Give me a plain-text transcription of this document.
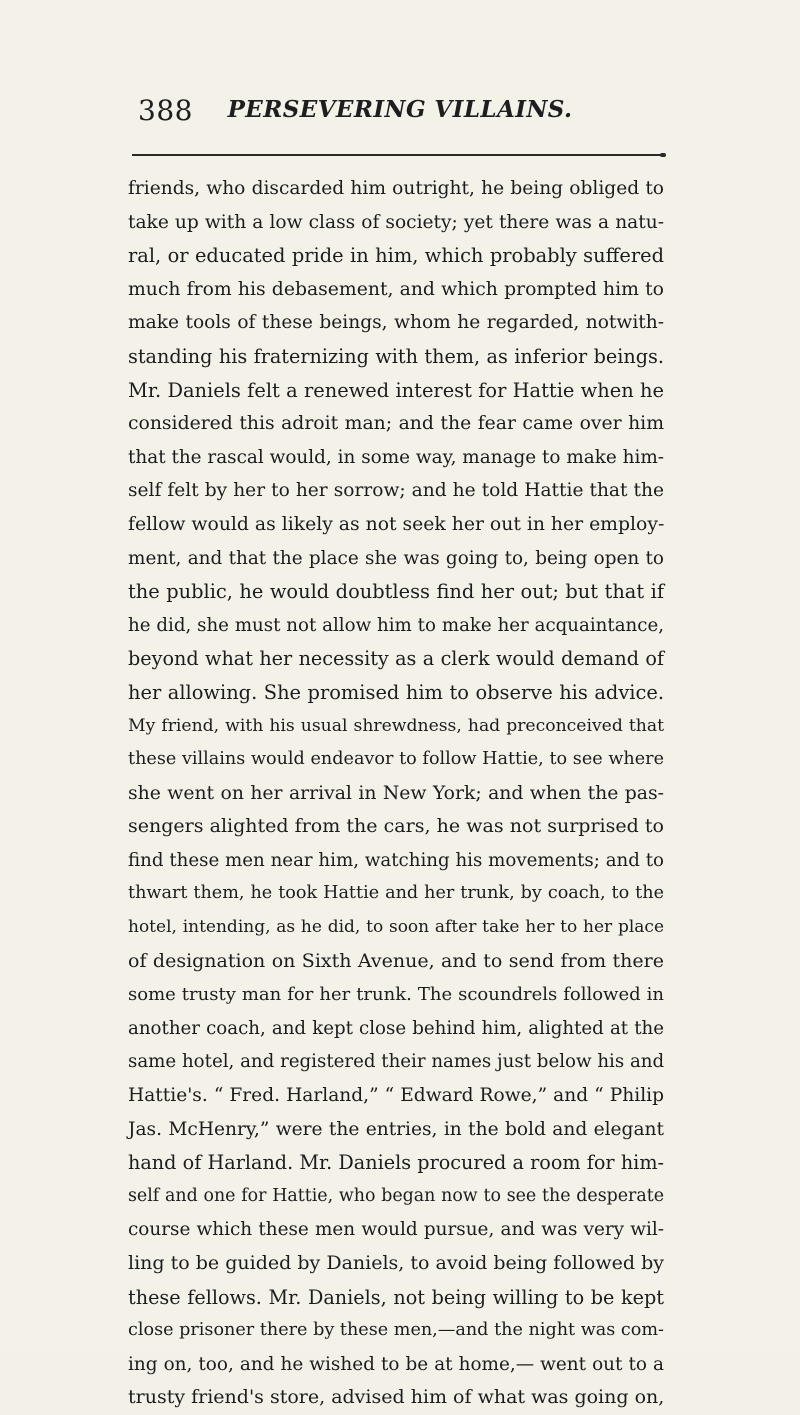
388	PERSEVERING VILLAINS.
friends, who discarded him outright, he being obliged to
take up with a low class of society; yet there was a natu-
ral, or educated pride in him, which probably suffered
much from his debasement, and which prompted him to
make tools of these beings, whom he regarded, notwith-
standing his fraternizing with them, as inferior beings.
Mr. Daniels felt a renewed interest for Hattie when he
considered this adroit man; and the fear came over him
that the rascal would, in some way, manage to make him-
self felt by her to her sorrow; and he told Hattie that the
fellow would as likely as not seek her out in her employ-
ment, and that the place she was going to, being open to
the public, he would doubtless find her out; but that if
he did, she must not allow him to make her acquaintance,
beyond what her necessity as a clerk would demand of
her allowing. She promised him to observe his advice.
My friend, with his usual shrewdness, had preconceived that
these villains would endeavor to follow Hattie, to see where
she went on her arrival in New York; and when the pas-
sengers alighted from the cars, he was not surprised to
find these men near him, watching his movements; and to
thwart them, he took Hattie and her trunk, by coach, to the
hotel, intending, as he did, to soon after take her to her place
of designation on Sixth Avenue, and to send from there
some trusty man for her trunk. The scoundrels followed in
another coach, and kept close behind him, alighted at the
same hotel, and registered their names just below his and
Hattie's. “ Fred. Harland,” “ Edward Rowe,” and “ Philip
Jas. McHenry,” were the entries, in the bold and elegant
hand of Harland. Mr. Daniels procured a room for him-
self and one for Hattie, who began now to see the desperate
course which these men would pursue, and was very wil-
ling to be guided by Daniels, to avoid being followed by
these fellows. Mr. Daniels, not being willing to be kept
close prisoner there by these men,—and the night was com-
ing on, too, and he wished to be at home,— went out to a
trusty friend's store, advised him of what was going on,
